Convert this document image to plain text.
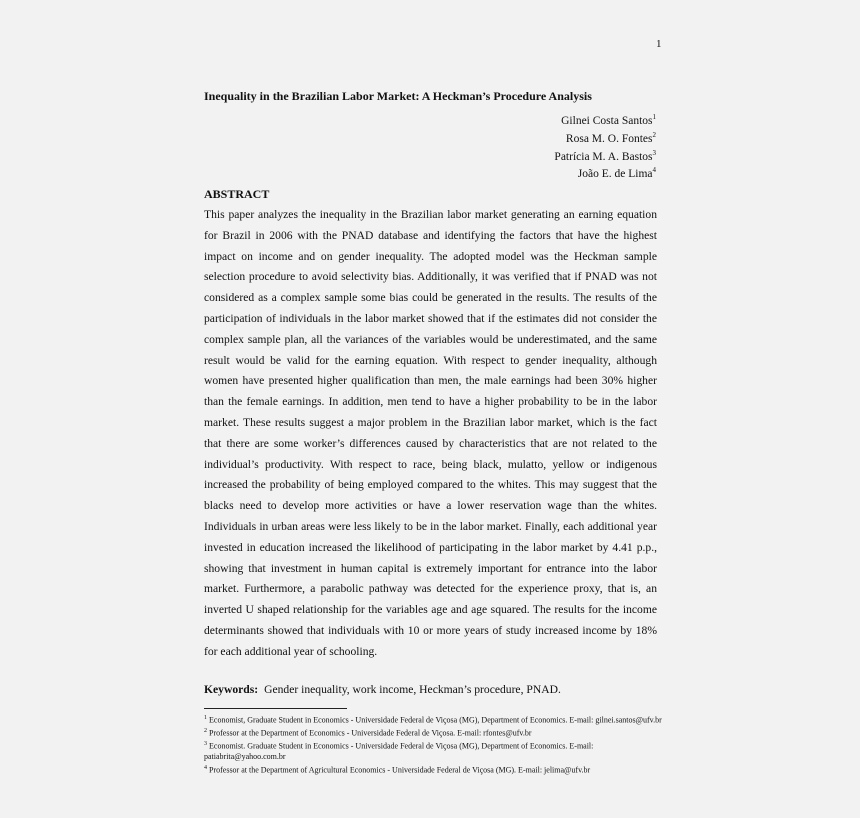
1
Inequality in the Brazilian Labor Market: A Heckman’s Procedure Analysis
Gilnei Costa Santos$^1$
Rosa M. O. Fontes$^2$
Patrícia M. A. Bastos$^3$
João E. de Lima$^4$
ABSTRACT
This paper analyzes the inequality in the Brazilian labor market generating an earning equation for Brazil in 2006 with the PNAD database and identifying the factors that have the highest impact on income and on gender inequality. The adopted model was the Heckman sample selection procedure to avoid selectivity bias. Additionally, it was verified that if PNAD was not considered as a complex sample some bias could be generated in the results. The results of the participation of individuals in the labor market showed that if the estimates did not consider the complex sample plan, all the variances of the variables would be underestimated, and the same result would be valid for the earning equation. With respect to gender inequality, although women have presented higher qualification than men, the male earnings had been 30% higher than the female earnings. In addition, men tend to have a higher probability to be in the labor market. These results suggest a major problem in the Brazilian labor market, which is the fact that there are some worker’s differences caused by characteristics that are not related to the individual’s productivity. With respect to race, being black, mulatto, yellow or indigenous increased the probability of being employed compared to the whites. This may suggest that the blacks need to develop more activities or have a lower reservation wage than the whites. Individuals in urban areas were less likely to be in the labor market. Finally, each additional year invested in education increased the likelihood of participating in the labor market by 4.41 p.p., showing that investment in human capital is extremely important for entrance into the labor market. Furthermore, a parabolic pathway was detected for the experience proxy, that is, an inverted U shaped relationship for the variables age and age squared. The results for the income determinants showed that individuals with 10 or more years of study increased income by 18% for each additional year of schooling.
Keywords: Gender inequality, work income, Heckman’s procedure, PNAD.
$^1$ Economist, Graduate Student in Economics - Universidade Federal de Viçosa (MG), Department of Economics. E-mail: gilnei.santos@ufv.br
$^2$ Professor at the Department of Economics - Universidade Federal de Viçosa. E-mail: rfontes@ufv.br
$^3$ Economist. Graduate Student in Economics - Universidade Federal de Viçosa (MG), Department of Economics. E-mail: patiabrita@yahoo.com.br
$^4$ Professor at the Department of Agricultural Economics - Universidade Federal de Viçosa (MG). E-mail: jelima@ufv.br
